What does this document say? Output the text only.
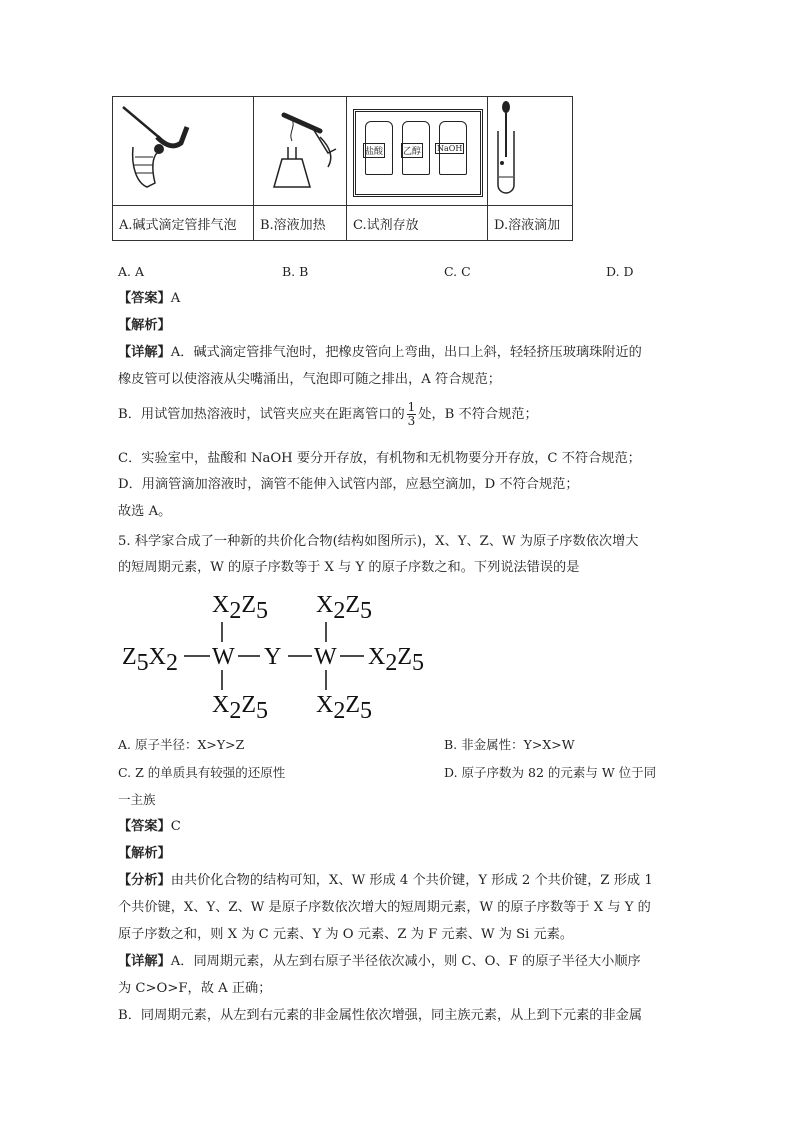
盐酸 乙醇 NaOH

A.碱式滴定管排气泡	B.溶液加热	C.试剂存放	D.溶液滴加
A. A	B. B	C. C	D. D
【答案】A
【解析】
【详解】A．碱式滴定管排气泡时，把橡皮管向上弯曲，出口上斜，轻轻挤压玻璃珠附近的
橡皮管可以使溶液从尖嘴涌出，气泡即可随之排出，A 符合规范；
B．用试管加热溶液时，试管夹应夹在距离管口的 $\frac{1}{3}$ 处，B 不符合规范；
C．实验室中，盐酸和 NaOH 要分开存放，有机物和无机物要分开存放，C 不符合规范；
D．用滴管滴加溶液时，滴管不能伸入试管内部，应悬空滴加，D 不符合规范；
故选 A。
5. 科学家合成了一种新的共价化合物(结构如图所示)，X、Y、Z、W 为原子序数依次增大
的短周期元素，W 的原子序数等于 X 与 Y 的原子序数之和。下列说法错误的是
X2Z5 X2Z5
Z5X2 W Y W X2Z5
X2Z5 X2Z5
A. 原子半径：X>Y>Z	B. 非金属性：Y>X>W
C. Z 的单质具有较强的还原性	D. 原子序数为 82 的元素与 W 位于同
一主族
【答案】C
【解析】
【分析】由共价化合物的结构可知，X、W 形成 4 个共价键，Y 形成 2 个共价键，Z 形成 1
个共价键，X、Y、Z、W 是原子序数依次增大的短周期元素，W 的原子序数等于 X 与 Y 的
原子序数之和，则 X 为 C 元素、Y 为 O 元素、Z 为 F 元素、W 为 Si 元素。
【详解】A．同周期元素，从左到右原子半径依次减小，则 C、O、F 的原子半径大小顺序
为 C>O>F，故 A 正确；
B．同周期元素，从左到右元素的非金属性依次增强，同主族元素，从上到下元素的非金属
